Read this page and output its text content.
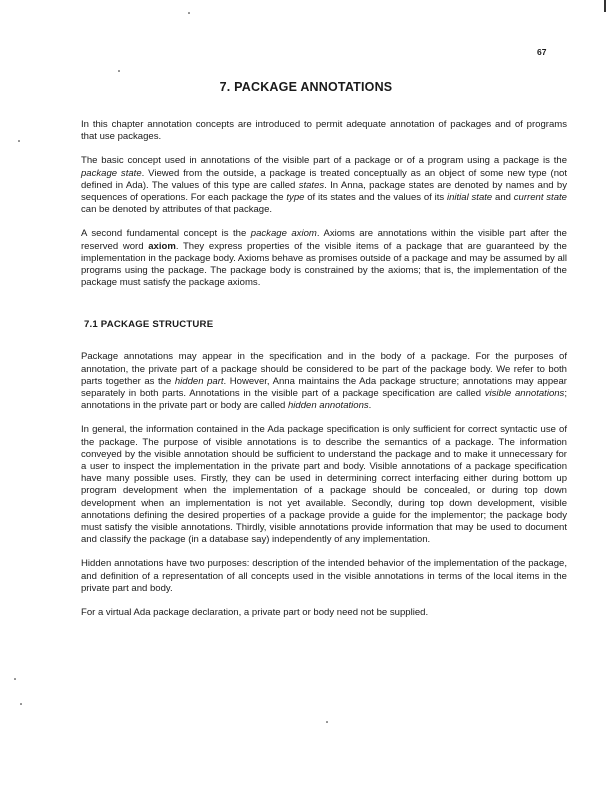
67
7. PACKAGE ANNOTATIONS

In this chapter annotation concepts are introduced to permit adequate annotation of packages and of programs that use packages.

The basic concept used in annotations of the visible part of a package or of a program using a package is the package state. Viewed from the outside, a package is treated conceptually as an object of some new type (not defined in Ada). The values of this type are called states. In Anna, package states are denoted by names and by sequences of operations. For each package the type of its states and the values of its initial state and current state can be denoted by attributes of that package.

A second fundamental concept is the package axiom. Axioms are annotations within the visible part after the reserved word axiom. They express properties of the visible items of a package that are guaranteed by the implementation in the package body. Axioms behave as promises outside of a package and may be assumed by all programs using the package. The package body is constrained by the axioms; that is, the implementation of the package must satisfy the package axioms.

7.1 PACKAGE STRUCTURE

Package annotations may appear in the specification and in the body of a package. For the purposes of annotation, the private part of a package should be considered to be part of the package body. We refer to both parts together as the hidden part. However, Anna maintains the Ada package structure; annotations may appear separately in both parts. Annotations in the visible part of a package specification are called visible annotations; annotations in the private part or body are called hidden annotations.

In general, the information contained in the Ada package specification is only sufficient for correct syntactic use of the package. The purpose of visible annotations is to describe the semantics of a package. The information conveyed by the visible annotation should be sufficient to understand the package and to make it unnecessary for a user to inspect the implementation in the private part and body. Visible annotations of a package specification have many possible uses. Firstly, they can be used in determining correct interfacing either during bottom up program development when the implementation of a package should be concealed, or during top down development when an implementation is not yet available. Secondly, during top down development, visible annotations defining the desired properties of a package provide a guide for the implementor; the package body must satisfy the visible annotations. Thirdly, visible annotations provide information that may be used to document and classify the package (in a database say) independently of any implementation.

Hidden annotations have two purposes: description of the intended behavior of the implementation of the package, and definition of a representation of all concepts used in the visible annotations in terms of the local items in the private part and body.

For a virtual Ada package declaration, a private part or body need not be supplied.
